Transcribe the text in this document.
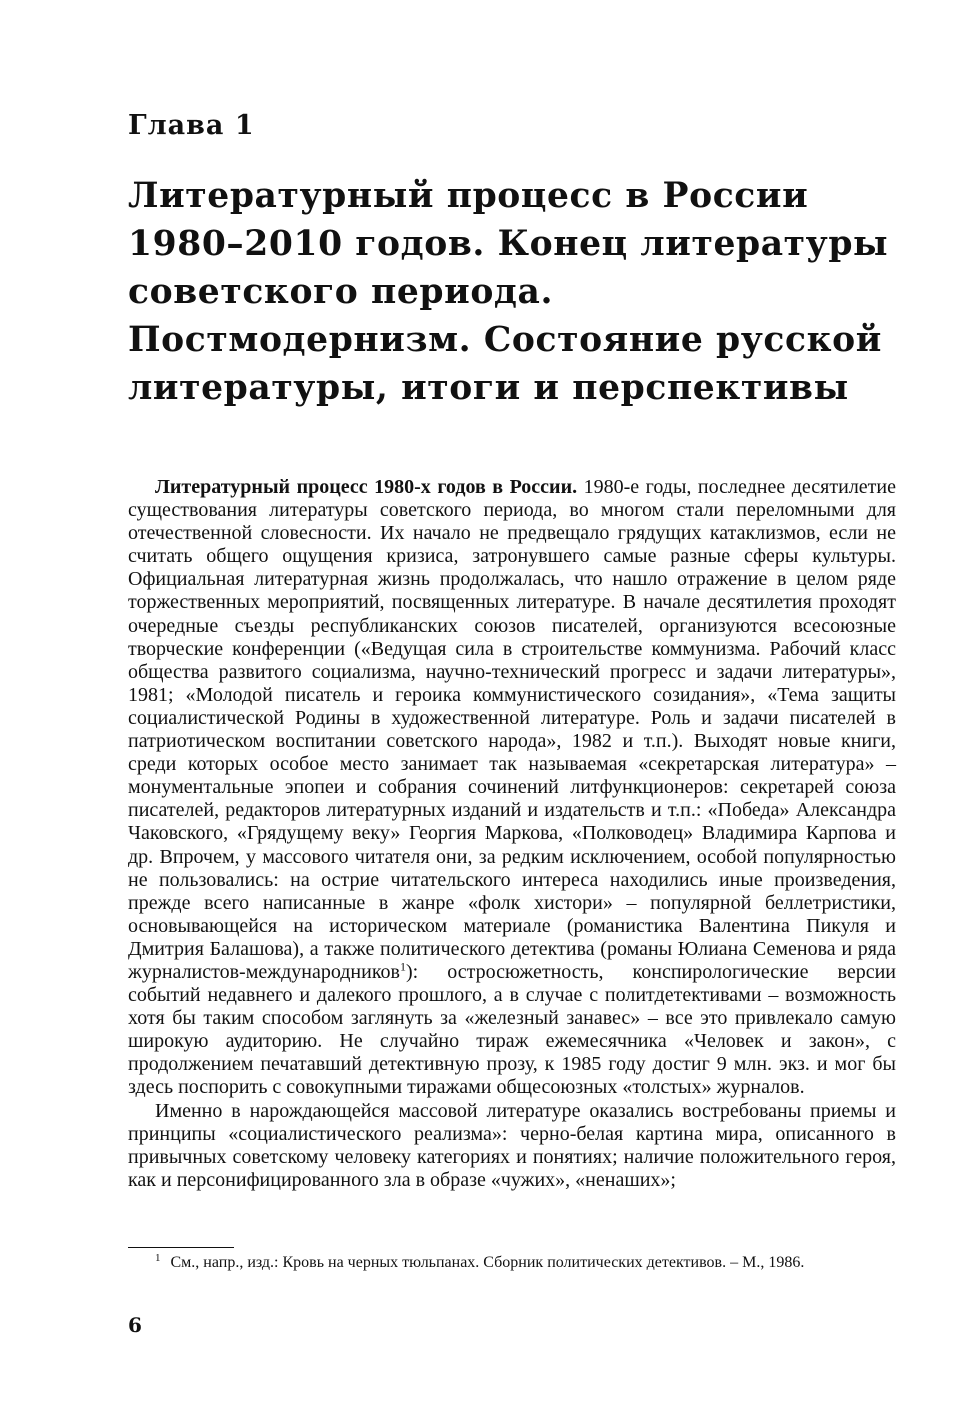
Глава 1
Литературный процесс в России
1980–2010 годов. Конец литературы
советского периода.
Постмодернизм. Состояние русской
литературы, итоги и перспективы

Литературный процесс 1980-х годов в России. 1980-е годы, последнее десятилетие существования литературы советского периода, во многом стали переломными для отечественной словесности. Их начало не предвещало грядущих катаклизмов, если не считать общего ощущения кризиса, затронувшего самые разные сферы культуры. Официальная литературная жизнь продолжалась, что нашло отражение в целом ряде торжественных мероприятий, посвященных литературе. В начале десятилетия проходят очередные съезды республиканских союзов писателей, организуются всесоюзные творческие конференции («Ведущая сила в строительстве коммунизма. Рабочий класс общества развитого социализма, научно-технический прогресс и задачи литературы», 1981; «Молодой писатель и героика коммунистического созидания», «Тема защиты социалистической Родины в художественной литературе. Роль и задачи писателей в патриотическом воспитании советского народа», 1982 и т.п.). Выходят новые книги, среди которых особое место занимает так называемая «секретарская литература» – монументальные эпопеи и собрания сочинений литфункционеров: секретарей союза писателей, редакторов литературных изданий и издательств и т.п.: «Победа» Александра Чаковского, «Грядущему веку» Георгия Маркова, «Полководец» Владимира Карпова и др. Впрочем, у массового читателя они, за редким исключением, особой популярностью не пользовались: на острие читательского интереса находились иные произведения, прежде всего написанные в жанре «фолк хистори» – популярной беллетристики, основывающейся на историческом материале (романистика Валентина Пикуля и Дмитрия Балашова), а также политического детектива (романы Юлиана Семенова и ряда журналистов-международников$^1$): остросюжетность, конспирологические версии событий недавнего и далекого прошлого, а в случае с политдетективами – возможность хотя бы таким способом заглянуть за «железный занавес» – все это привлекало самую широкую аудиторию. Не случайно тираж ежемесячника «Человек и закон», с продолжением печатавший детективную прозу, к 1985 году достиг 9 млн. экз. и мог бы здесь поспорить с совокупными тиражами общесоюзных «толстых» журналов.

Именно в нарождающейся массовой литературе оказались востребованы приемы и принципы «социалистического реализма»: черно-белая картина мира, описанного в привычных советскому человеку категориях и понятиях; наличие положительного героя, как и персонифицированного зла в образе «чужих», «ненаших»;

$^1$ См., напр., изд.: Кровь на черных тюльпанах. Сборник политических детективов. – М., 1986.

6
